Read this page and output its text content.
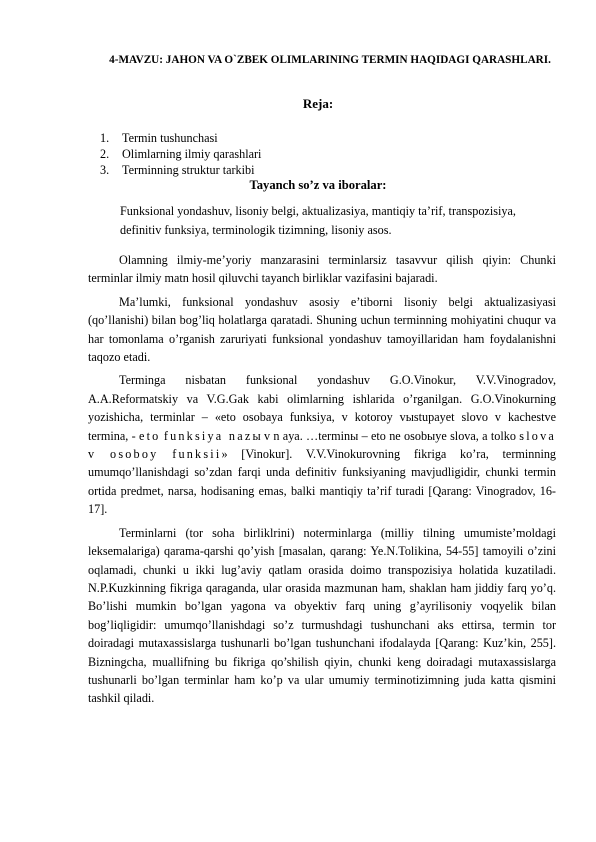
4-MAVZU: JAHON VA O`ZBEK OLIMLARINING TERMIN HAQIDAGI QARASHLARI.
Reja:
1. Termin tushunchasi
2. Olimlarning ilmiy qarashlari
3. Terminning struktur tarkibi
Tayanch so’z va iboralar:
Funksional yondashuv, lisoniy belgi, aktualizasiya, mantiqiy ta’rif, transpozisiya, definitiv funksiya, terminologik tizimning, lisoniy asos.

Olamning ilmiy-me’yoriy manzarasini terminlarsiz tasavvur qilish qiyin: Chunki terminlar ilmiy matn hosil qiluvchi tayanch birliklar vazifasini bajaradi.

Ma’lumki, funksional yondashuv asosiy e’tiborni lisoniy belgi aktualizasiyasi (qo’llanishi) bilan bog’liq holatlarga qaratadi. Shuning uchun terminning mohiyatini chuqur va har tomonlama o’rganish zaruriyati funksional yondashuv tamoyillaridan ham foydalanishni taqozo etadi.

Terminga nisbatan funksional yondashuv G.O.Vinokur, V.V.Vinogradov, A.A.Reformatskiy va V.G.Gak kabi olimlarning ishlarida o’rganilgan. G.O.Vinokurning yozishicha, terminlar – «eto osobaya funksiya, v kotoroy vыstupayet slovo v kachestve termina, - eto funksiya nazы v n aya. …terminы – eto ne osobыye slova, a tolko slova v osoboy funksii» [Vinokur]. V.V.Vinokurovning fikriga ko’ra, terminning umumqo’llanishdagi so’zdan farqi unda definitiv funksiyaning mavjudligidir, chunki termin ortida predmet, narsa, hodisaning emas, balki mantiqiy ta’rif turadi [Qarang: Vinogradov, 16-17].

Terminlarni (tor soha birliklrini) noterminlarga (milliy tilning umumiste’moldagi leksemalariga) qarama-qarshi qo’yish [masalan, qarang: Ye.N.Tolikina, 54-55] tamoyili o’zini oqlamadi, chunki u ikki lug’aviy qatlam orasida doimo transpozisiya holatida kuzatiladi. N.P.Kuzkinning fikriga qaraganda, ular orasida mazmunan ham, shaklan ham jiddiy farq yo’q. Bo’lishi mumkin bo’lgan yagona va obyektiv farq uning g’ayrilisoniy voqyelik bilan bog’liqligidir: umumqo’llanishdagi so’z turmushdagi tushunchani aks ettirsa, termin tor doiradagi mutaxassislarga tushunarli bo’lgan tushunchani ifodalayda [Qarang: Kuz’kin, 255]. Bizningcha, muallifning bu fikriga qo’shilish qiyin, chunki keng doiradagi mutaxassislarga tushunarli bo’lgan terminlar ham ko’p va ular umumiy terminotizimning juda katta qismini tashkil qiladi.
